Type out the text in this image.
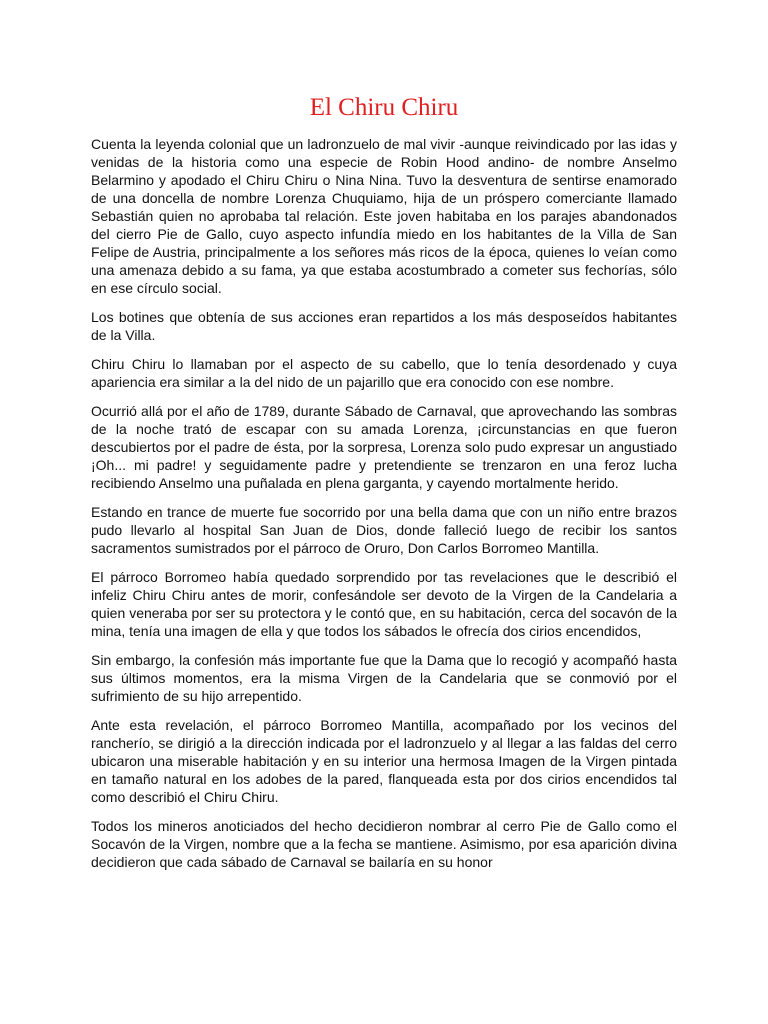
El Chiru Chiru

Cuenta la leyenda colonial que un ladronzuelo de mal vivir -aunque reivindicado por las idas y venidas de la historia como una especie de Robin Hood andino- de nombre Anselmo Belarmino y apodado el Chiru Chiru o Nina Nina. Tuvo la desventura de sentirse enamorado de una doncella de nombre Lorenza Chuquiamo, hija de un próspero comerciante llamado Sebastián quien no aprobaba tal relación. Este joven habitaba en los parajes abandonados del cierro Pie de Gallo, cuyo aspecto infundía miedo en los habitantes de la Villa de San Felipe de Austria, principalmente a los señores más ricos de la época, quienes lo veían como una amenaza debido a su fama, ya que estaba acostumbrado a cometer sus fechorías, sólo en ese círculo social.

Los botines que obtenía de sus acciones eran repartidos a los más desposeídos habitantes de la Villa.

Chiru Chiru lo llamaban por el aspecto de su cabello, que lo tenía desordenado y cuya apariencia era similar a la del nido de un pajarillo que era conocido con ese nombre.

Ocurrió allá por el año de 1789, durante Sábado de Carnaval, que aprovechando las sombras de la noche trató de escapar con su amada Lorenza, ¡circunstancias en que fueron descubiertos por el padre de ésta, por la sorpresa, Lorenza solo pudo expresar un angustiado ¡Oh... mi padre! y seguidamente padre y pretendiente se trenzaron en una feroz lucha recibiendo Anselmo una puñalada en plena garganta, y cayendo mortalmente herido.

Estando en trance de muerte fue socorrido por una bella dama que con un niño entre brazos pudo llevarlo al hospital San Juan de Dios, donde falleció luego de recibir los santos sacramentos sumistrados por el párroco de Oruro, Don Carlos Borromeo Mantilla.

El párroco Borromeo había quedado sorprendido por tas revelaciones que le describió el infeliz Chiru Chiru antes de morir, confesándole ser devoto de la Virgen de la Candelaria a quien veneraba por ser su protectora y le contó que, en su habitación, cerca del socavón de la mina, tenía una imagen de ella y que todos los sábados le ofrecía dos cirios encendidos,

Sin embargo, la confesión más importante fue que la Dama que lo recogió y acompañó hasta sus últimos momentos, era la misma Virgen de la Candelaria que se conmovió por el sufrimiento de su hijo arrepentido.

Ante esta revelación, el párroco Borromeo Mantilla, acompañado por los vecinos del rancherío, se dirigió a la dirección indicada por el ladronzuelo y al llegar a las faldas del cerro ubicaron una miserable habitación y en su interior una hermosa Imagen de la Virgen pintada en tamaño natural en los adobes de la pared, flanqueada esta por dos cirios encendidos tal como describió el Chiru Chiru.

Todos los mineros anoticiados del hecho decidieron nombrar al cerro Pie de Gallo como el Socavón de la Virgen, nombre que a la fecha se mantiene. Asimismo, por esa aparición divina decidieron que cada sábado de Carnaval se bailaría en su honor
